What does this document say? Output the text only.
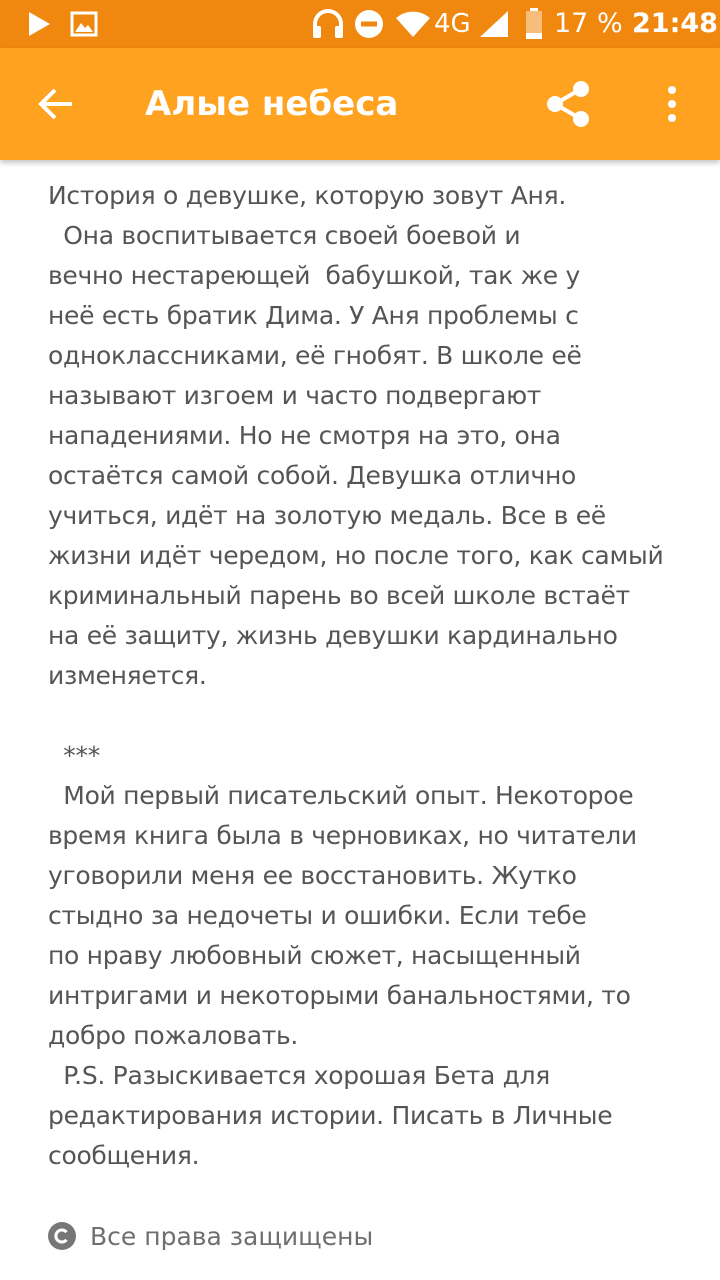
4G	17 % 21:48
Алые небеса
История о девушке, которую зовут Аня.
Она воспитывается своей боевой и
вечно нестареющей  бабушкой, так же у
неё есть братик Дима. У Аня проблемы с
одноклассниками, её гнобят. В школе её
называют изгоем и часто подвергают
нападениями. Но не смотря на это, она
остаётся самой собой. Девушка отлично
учиться, идёт на золотую медаль. Все в её
жизни идёт чередом, но после того, как самый
криминальный парень во всей школе встаёт
на её защиту, жизнь девушки кардинально
изменяется.
***
Мой первый писательский опыт. Некоторое
время книга была в черновиках, но читатели
уговорили меня ее восстановить. Жутко
стыдно за недочеты и ошибки. Если тебе
по нраву любовный сюжет, насыщенный
интригами и некоторыми банальностями, то
добро пожаловать.
P.S. Разыскивается хорошая Бета для
редактирования истории. Писать в Личные
сообщения.
Все права защищены
